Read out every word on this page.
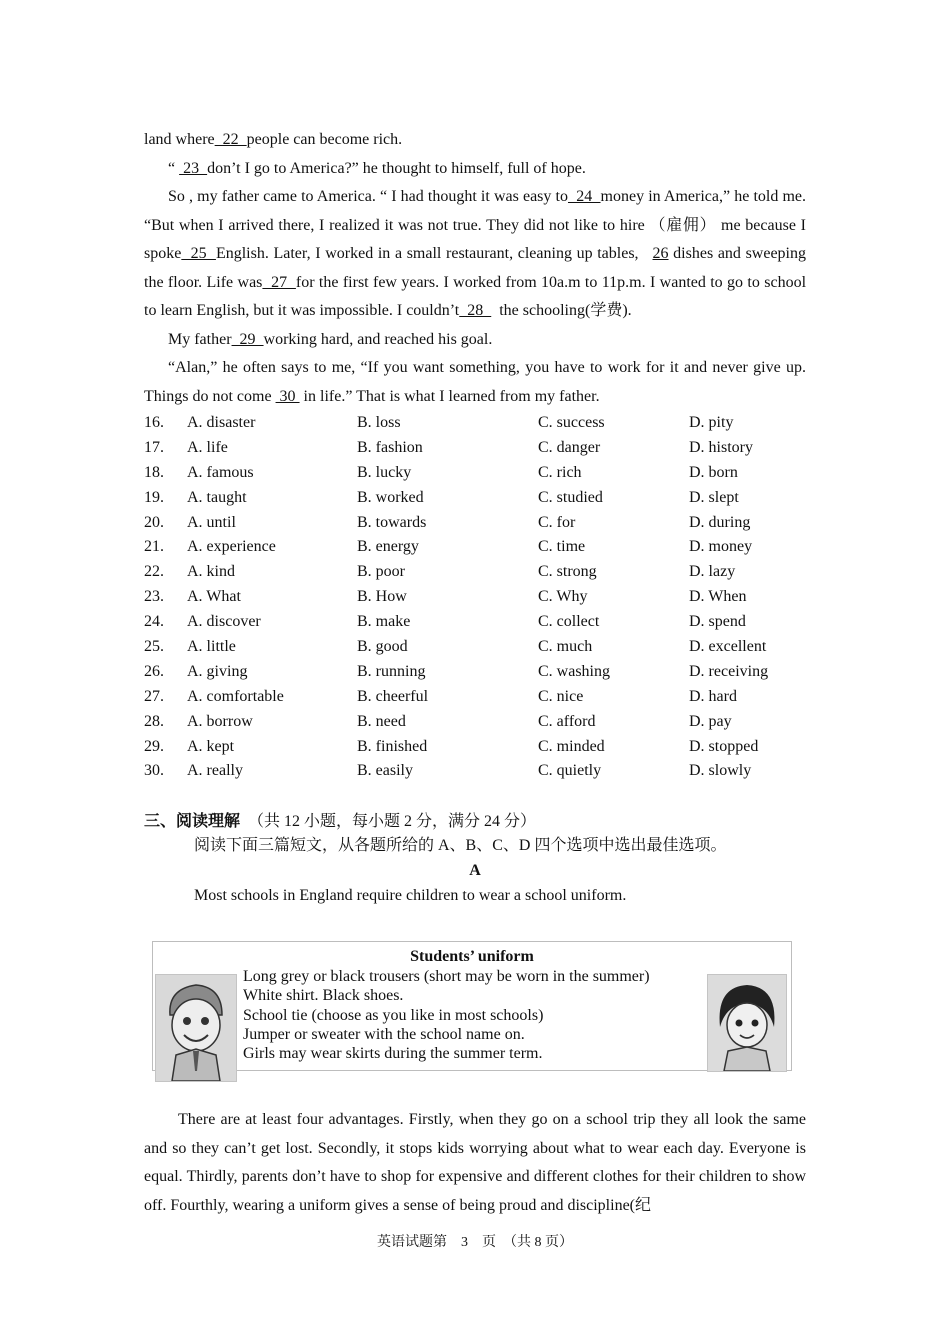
land where  22  people can become rich.

“  23  don’t I go to America?” he thought to himself, full of hope.

So , my father came to America. “ I had thought it was easy to  24  money in America,” he told me. “But when I arrived there, I realized it was not true. They did not like to hire （雇佣） me because I spoke  25  English. Later, I worked in a small restaurant, cleaning up tables, 26 dishes and sweeping the floor. Life was  27  for the first few years. I worked from 10a.m to 11p.m. I wanted to go to school to learn English, but it was impossible. I couldn’t  28    the schooling(学费).

My father  29  working hard, and reached his goal.

“Alan,” he often says to me, “If you want something, you have to work for it and never give up. Things do not come  30  in life.” That is what I learned from my father.

16.	A. disaster	B. loss	C. success	D. pity
17.	A. life	B. fashion	C. danger	D. history
18.	A. famous	B. lucky	C. rich	D. born
19.	A. taught	B. worked	C. studied	D. slept
20.	A. until	B. towards	C. for	D. during
21.	A. experience	B. energy	C. time	D. money
22.	A. kind	B. poor	C. strong	D. lazy
23.	A. What	B. How	C. Why	D. When
24.	A. discover	B. make	C. collect	D. spend
25.	A. little	B. good	C. much	D. excellent
26.	A. giving	B. running	C. washing	D. receiving
27.	A. comfortable	B. cheerful	C. nice	D. hard
28.	A. borrow	B. need	C. afford	D. pay
29.	A. kept	B. finished	C. minded	D. stopped
30.	A. really	B. easily	C. quietly	D. slowly
三、阅读理解 （共 12 小题，每小题 2 分，满分 24 分）
阅读下面三篇短文，从各题所给的 A、B、C、D 四个选项中选出最佳选项。
A
Most schools in England require children to wear a school uniform.
Students’ uniform
Long grey or black trousers (short may be worn in the summer)
White shirt. Black shoes.
School tie (choose as you like in most schools)
Jumper or sweater with the school name on.
Girls may wear skirts during the summer term.

There are at least four advantages. Firstly, when they go on a school trip they all look the same and so they can’t get lost. Secondly, it stops kids worrying about what to wear each day. Everyone is equal. Thirdly, parents don’t have to shop for expensive and different clothes for their children to show off. Fourthly, wearing a uniform gives a sense of being proud and discipline(纪

英语试题第　3　页　（共 8 页）
